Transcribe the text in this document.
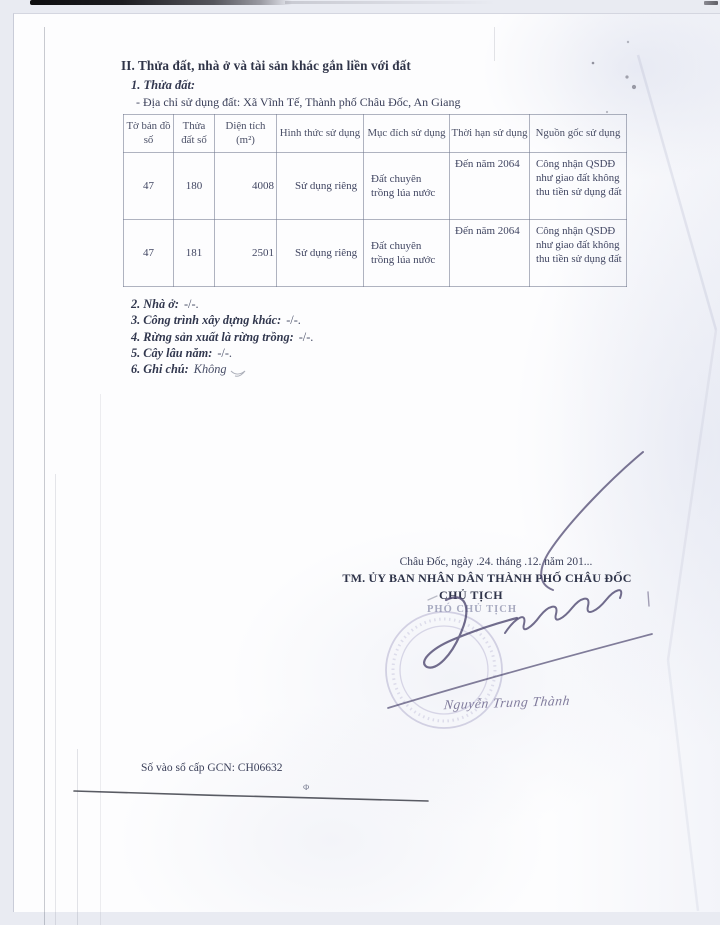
II. Thửa đất, nhà ở và tài sản khác gắn liền với đất
1. Thửa đất:
- Địa chỉ sử dụng đất: Xã Vĩnh Tế, Thành phố Châu Đốc, An Giang
Tờ bản đồ số	Thửa đất số	Diện tích (m²)	Hình thức sử dụng	Mục đích sử dụng	Thời hạn sử dụng	Nguồn gốc sử dụng
47	180	4008	Sử dụng riêng	Đất chuyên trồng lúa nước	Đến năm 2064	Công nhận QSDĐ như giao đất không thu tiền sử dụng đất
47	181	2501	Sử dụng riêng	Đất chuyên trồng lúa nước	Đến năm 2064	Công nhận QSDĐ như giao đất không thu tiền sử dụng đất
2. Nhà ở: -/-.
3. Công trình xây dựng khác: -/-.
4. Rừng sản xuất là rừng trồng: -/-.
5. Cây lâu năm: -/-.
6. Ghi chú: Không
Châu Đốc, ngày .24. tháng .12. năm 201...
TM. ỦY BAN NHÂN DÂN THÀNH PHỐ CHÂU ĐỐC
CHỦ TỊCH
PHÓ CHỦ TỊCH
Nguyễn Trung Thành
Số vào sổ cấp GCN: CH06632
Ф
